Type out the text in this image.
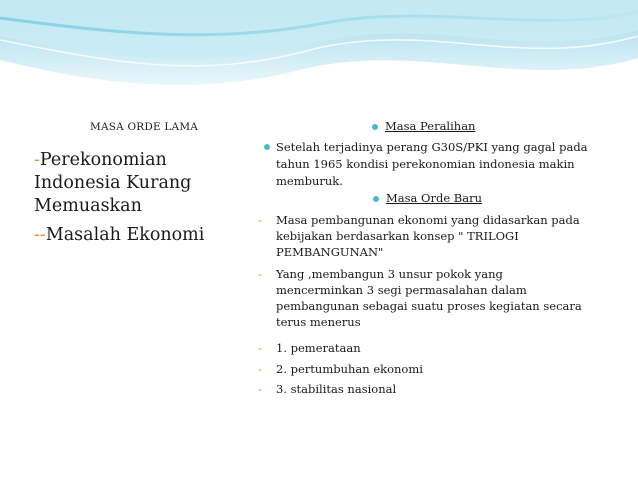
MASA ORDE LAMA
-Perekonomian
Indonesia Kurang
Memuaskan
--Masalah Ekonomi
Masa Peralihan
Setelah terjadinya perang G30S/PKI yang gagal pada
tahun 1965 kondisi perekonomian indonesia makin
memburuk.
Masa Orde Baru
- Masa pembangunan ekonomi yang didasarkan pada
kebijakan berdasarkan konsep " TRILOGI
PEMBANGUNAN"
- Yang ,membangun 3 unsur pokok yang
mencerminkan 3 segi permasalahan dalam
pembangunan sebagai suatu proses kegiatan secara
terus menerus
- 1. pemerataan
- 2. pertumbuhan ekonomi
- 3. stabilitas nasional
